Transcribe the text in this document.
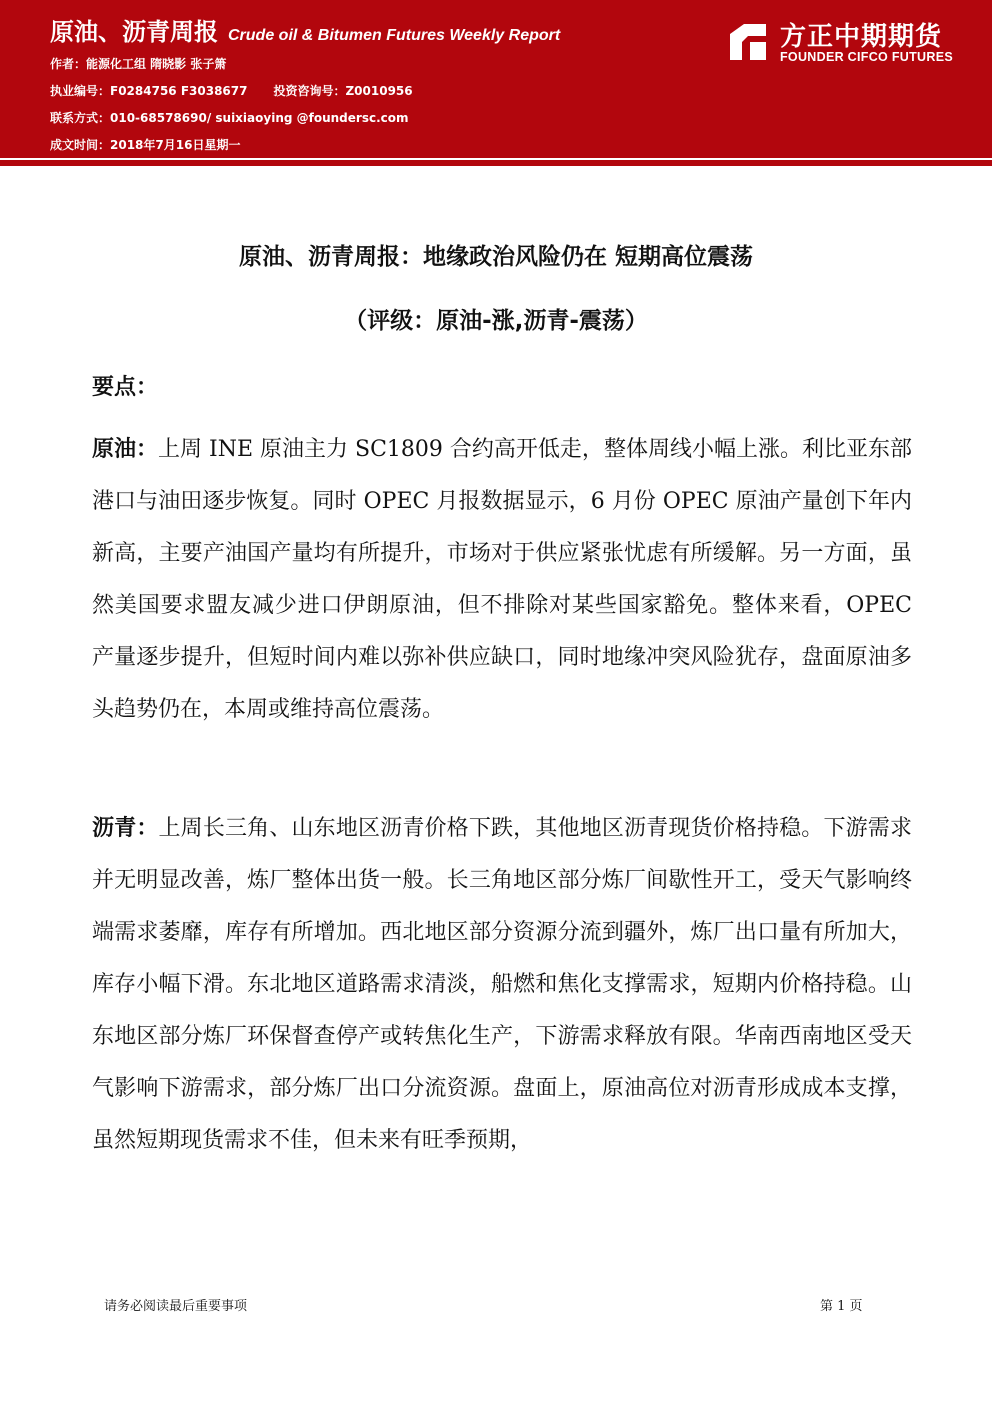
原油、沥青周报 Crude oil & Bitumen Futures Weekly Report
作者：能源化工组 隋晓影 张子箫
执业编号：F0284756 F3038677 投资咨询号：Z0010956
联系方式：010-68578690/ suixiaoying @foundersc.com
成文时间：2018年7月16日星期一
方正中期期货
FOUNDER CIFCO FUTURES
原油、沥青周报：地缘政治风险仍在 短期高位震荡
（评级：原油-涨,沥青-震荡）
要点：

原油：上周 INE 原油主力 SC1809 合约高开低走，整体周线小幅上涨。利比亚东部港口与油田逐步恢复。同时 OPEC 月报数据显示，6 月份 OPEC 原油产量创下年内新高，主要产油国产量均有所提升，市场对于供应紧张忧虑有所缓解。另一方面，虽然美国要求盟友减少进口伊朗原油，但不排除对某些国家豁免。整体来看，OPEC 产量逐步提升，但短时间内难以弥补供应缺口，同时地缘冲突风险犹存，盘面原油多头趋势仍在，本周或维持高位震荡。

沥青：上周长三角、山东地区沥青价格下跌，其他地区沥青现货价格持稳。下游需求并无明显改善，炼厂整体出货一般。长三角地区部分炼厂间歇性开工，受天气影响终端需求萎靡，库存有所增加。西北地区部分资源分流到疆外，炼厂出口量有所加大，库存小幅下滑。东北地区道路需求清淡，船燃和焦化支撑需求，短期内价格持稳。山东地区部分炼厂环保督查停产或转焦化生产，下游需求释放有限。华南西南地区受天气影响下游需求，部分炼厂出口分流资源。盘面上，原油高位对沥青形成成本支撑，虽然短期现货需求不佳，但未来有旺季预期，

请务必阅读最后重要事项	第 1 页
